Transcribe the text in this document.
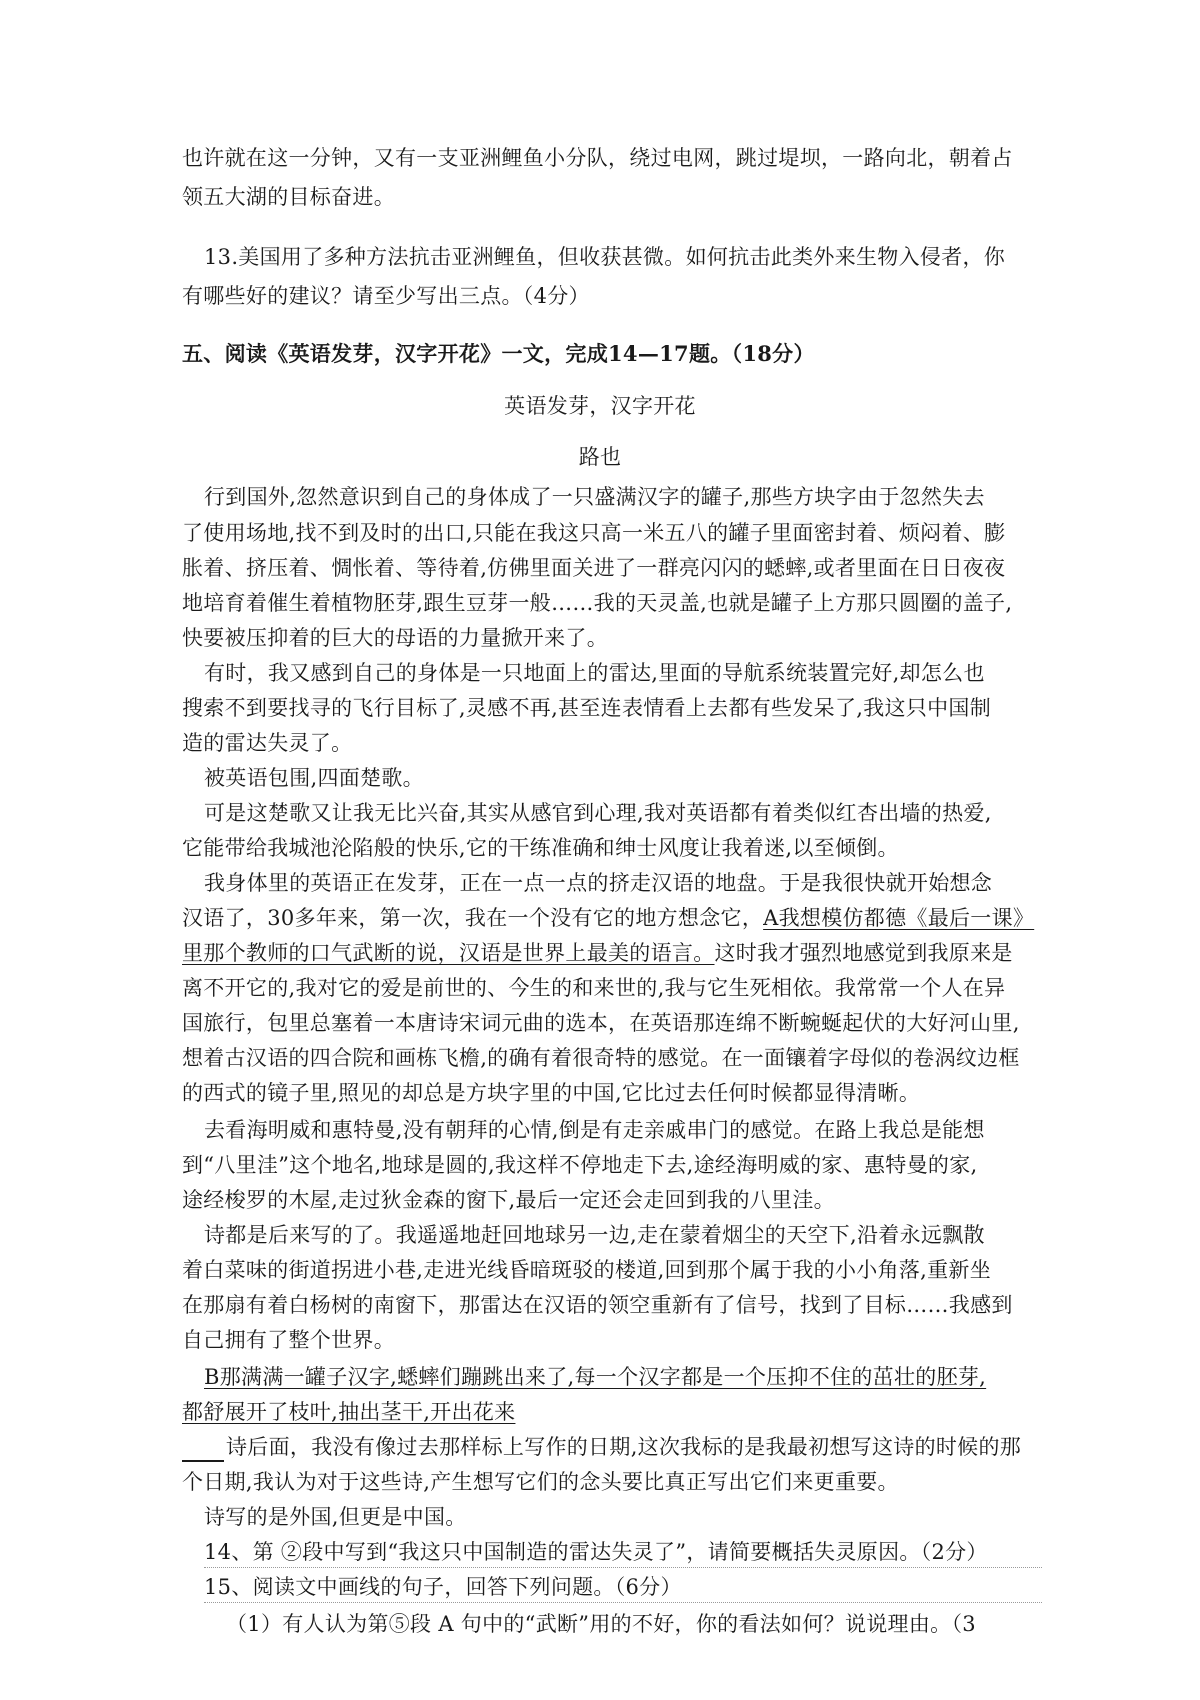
也许就在这一分钟，又有一支亚洲鲤鱼小分队，绕过电网，跳过堤坝，一路向北，朝着占
领五大湖的目标奋进。
13.美国用了多种方法抗击亚洲鲤鱼，但收获甚微。如何抗击此类外来生物入侵者，你
有哪些好的建议？请至少写出三点。（4分）
五、阅读《英语发芽，汉字开花》一文，完成14—17题。（18分）
英语发芽，汉字开花
路也
行到国外,忽然意识到自己的身体成了一只盛满汉字的罐子,那些方块字由于忽然失去
了使用场地,找不到及时的出口,只能在我这只高一米五八的罐子里面密封着、烦闷着、膨
胀着、挤压着、惆怅着、等待着,仿佛里面关进了一群亮闪闪的蟋蟀,或者里面在日日夜夜
地培育着催生着植物胚芽,跟生豆芽一般……我的天灵盖,也就是罐子上方那只圆圈的盖子,
快要被压抑着的巨大的母语的力量掀开来了。
有时，我又感到自己的身体是一只地面上的雷达,里面的导航系统装置完好,却怎么也
搜索不到要找寻的飞行目标了,灵感不再,甚至连表情看上去都有些发呆了,我这只中国制
造的雷达失灵了。
被英语包围,四面楚歌。
可是这楚歌又让我无比兴奋,其实从感官到心理,我对英语都有着类似红杏出墙的热爱,
它能带给我城池沦陷般的快乐,它的干练准确和绅士风度让我着迷,以至倾倒。
我身体里的英语正在发芽，正在一点一点的挤走汉语的地盘。于是我很快就开始想念
汉语了，30多年来，第一次，我在一个没有它的地方想念它，A我想模仿都德《最后一课》
里那个教师的口气武断的说，汉语是世界上最美的语言。这时我才强烈地感觉到我原来是
离不开它的,我对它的爱是前世的、今生的和来世的,我与它生死相依。我常常一个人在异
国旅行，包里总塞着一本唐诗宋词元曲的选本，在英语那连绵不断蜿蜒起伏的大好河山里,
想着古汉语的四合院和画栋飞檐,的确有着很奇特的感觉。在一面镶着字母似的卷涡纹边框
的西式的镜子里,照见的却总是方块字里的中国,它比过去任何时候都显得清晰。
去看海明威和惠特曼,没有朝拜的心情,倒是有走亲戚串门的感觉。在路上我总是能想
到“八里洼”这个地名,地球是圆的,我这样不停地走下去,途经海明威的家、惠特曼的家,
途经梭罗的木屋,走过狄金森的窗下,最后一定还会走回到我的八里洼。
诗都是后来写的了。我遥遥地赶回地球另一边,走在蒙着烟尘的天空下,沿着永远飘散
着白菜味的街道拐进小巷,走进光线昏暗斑驳的楼道,回到那个属于我的小小角落,重新坐
在那扇有着白杨树的南窗下，那雷达在汉语的领空重新有了信号，找到了目标……我感到
自己拥有了整个世界。
B那满满一罐子汉字,蟋蟀们蹦跳出来了,每一个汉字都是一个压抑不住的茁壮的胚芽,
都舒展开了枝叶,抽出茎干,开出花来
诗后面，我没有像过去那样标上写作的日期,这次我标的是我最初想写这诗的时候的那
个日期,我认为对于这些诗,产生想写它们的念头要比真正写出它们来更重要。
诗写的是外国,但更是中国。
14、第 ②段中写到“我这只中国制造的雷达失灵了”，请简要概括失灵原因。（2分）
15、阅读文中画线的句子，回答下列问题。（6分）
（1）有人认为第⑤段 A 句中的“武断”用的不好，你的看法如何？说说理由。（3
